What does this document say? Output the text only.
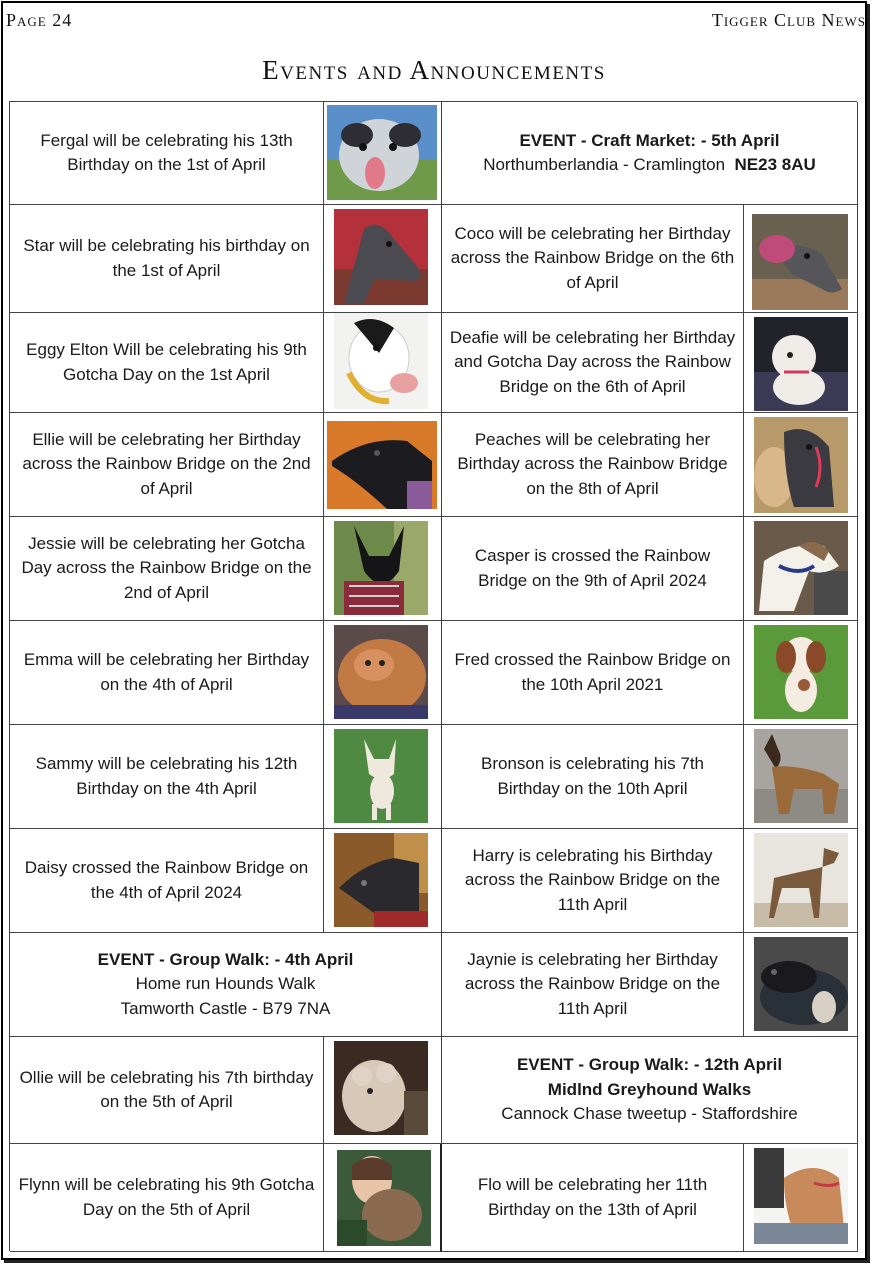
Page 24	Tigger Club News
Events and Announcements
Fergal will be celebrating his 13th Birthday on the 1st of April
Star will be celebrating his birthday on the 1st of April
Eggy Elton Will be celebrating his 9th Gotcha Day on the 1st April
Ellie will be celebrating her Birthday across the Rainbow Bridge on the 2nd of April
Jessie will be celebrating her Gotcha Day across the Rainbow Bridge on the 2nd of April
Emma will be celebrating her Birthday on the 4th of April
Sammy will be celebrating his 12th Birthday on the 4th April
Daisy crossed the Rainbow Bridge on the 4th of April 2024
EVENT - Group Walk: - 4th April
Home run Hounds Walk
Tamworth Castle - B79 7NA
Ollie will be celebrating his 7th birthday on the 5th of April
Flynn will be celebrating his 9th Gotcha Day on the 5th of April
EVENT - Craft Market: - 5th April
Northumberlandia - Cramlington NE23 8AU
Coco will be celebrating her Birthday across the Rainbow Bridge on the 6th of April
Deafie will be celebrating her Birthday and Gotcha Day across the Rainbow Bridge on the 6th of April
Peaches will be celebrating her Birthday across the Rainbow Bridge on the 8th of April
Casper is crossed the Rainbow Bridge on the 9th of April 2024
Fred crossed the Rainbow Bridge on the 10th April 2021
Bronson is celebrating his 7th Birthday on the 10th April
Harry is celebrating his Birthday across the Rainbow Bridge on the 11th April
Jaynie is celebrating her Birthday across the Rainbow Bridge on the 11th April
EVENT - Group Walk: - 12th April
Midlnd Greyhound Walks
Cannock Chase tweetup - Staffordshire
Flo will be celebrating her 11th Birthday on the 13th of April
